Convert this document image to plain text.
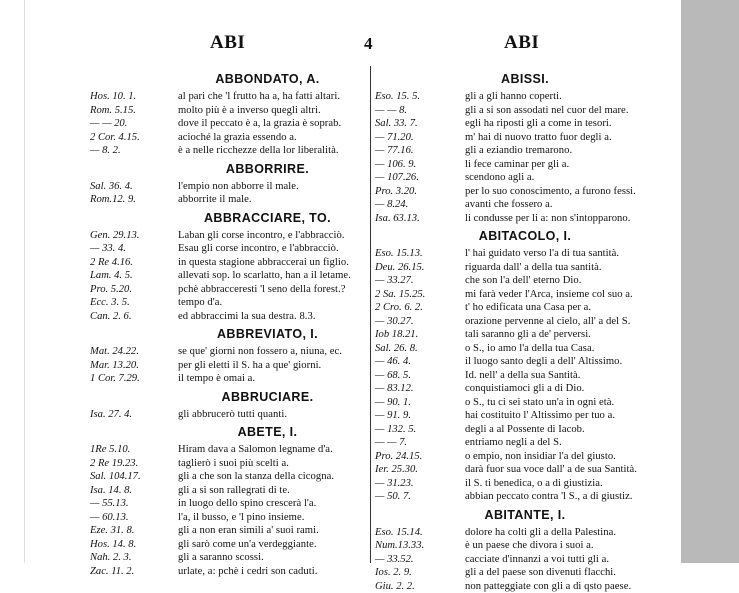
ABI	4	ABI
ABBONDATO, A.
Hos. 10. 1.	al pari che 'l frutto ha a, ha fatti altari.
Rom. 5.15.	molto più è a inverso quegli altri.
— — 20.	dove il peccato è a, la grazia è soprab.
2 Cor. 4.15.	acioché la grazia essendo a.
— 8. 2.	è a nelle ricchezze della lor liberalità.
ABBORRIRE.
Sal. 36. 4.	l'empio non abborre il male.
Rom.12. 9.	abborrite il male.
ABBRACCIARE, TO.
Gen. 29.13.	Laban gli corse incontro, e l'abbracciò.
— 33. 4.	Esau gli corse incontro, e l'abbracciò.
2 Re 4.16.	in questa stagione abbraccerai un figlio.
Lam. 4. 5.	allevati sop. lo scarlatto, han a il letame.
Pro. 5.20.	pchè abbracceresti 'l seno della forest.?
Ecc. 3. 5.	tempo d'a.
Can. 2. 6.	ed abbraccimi la sua destra. 8.3.
ABBREVIATO, I.
Mat. 24.22.	se que' giorni non fossero a, niuna, ec.
Mar. 13.20.	per gli eletti il S. ha a que' giorni.
1 Cor. 7.29.	il tempo è omai a.
ABBRUCIARE.
Isa. 27. 4.	gli abbrucerò tutti quanti.
ABETE, I.
1Re 5.10.	Hiram dava a Salomon legname d'a.
2 Re 19.23.	taglierò i suoi più scelti a.
Sal. 104.17.	gli a che son la stanza della cicogna.
Isa. 14. 8.	gli a si son rallegrati di te.
— 55.13.	in luogo dello spino crescerà l'a.
— 60.13.	l'a, il busso, e 'l pino insieme.
Eze. 31. 8.	gli a non eran simili a' suoi rami.
Hos. 14. 8.	gli sarò come un'a verdeggiante.
Nah. 2. 3.	gli a saranno scossi.
Zac. 11. 2.	urlate, a: pchè i cedri son caduti.
ABISSI.
Eso. 15. 5.	gli a gli hanno coperti.
— — 8.	gli a si son assodati nel cuor del mare.
Sal. 33. 7.	egli ha riposti gli a come in tesori.
— 71.20.	m' hai di nuovo tratto fuor degli a.
— 77.16.	gli a eziandio tremarono.
— 106. 9.	li fece caminar per gli a.
— 107.26.	scendono agli a.
Pro. 3.20.	per lo suo conoscimento, a furono fessi.
— 8.24.	avanti che fossero a.
Isa. 63.13.	li condusse per li a: non s'intopparono.
ABITACOLO, I.
Eso. 15.13.	l' hai guidato verso l'a di tua santità.
Deu. 26.15.	riguarda dall' a della tua santità.
— 33.27.	che son l'a dell' eterno Dio.
2 Sa. 15.25.	mi farà veder l'Arca, insieme col suo a.
2 Cro. 6. 2.	t' ho edificata una Casa per a.
— 30.27.	orazione pervenne al cielo, all' a del S.
Iob 18.21.	tali saranno gli a de' perversi.
Sal. 26. 8.	o S., io amo l'a della tua Casa.
— 46. 4.	il luogo santo degli a dell' Altissimo.
— 68. 5.	Id. nell' a della sua Santità.
— 83.12.	conquistiamoci gli a di Dio.
— 90. 1.	o S., tu ci sei stato un'a in ogni età.
— 91. 9.	hai costituito l' Altissimo per tuo a.
— 132. 5.	degli a al Possente di Iacob.
— — 7.	entriamo negli a del S.
Pro. 24.15.	o empio, non insidiar l'a del giusto.
Ier. 25.30.	darà fuor sua voce dall' a de sua Santità.
— 31.23.	il S. ti benedica, o a di giustizia.
— 50. 7.	abbian peccato contra 'l S., a di giustiz.
ABITANTE, I.
Eso. 15.14.	dolore ha colti gli a della Palestina.
Num.13.33.	è un paese che divora i suoi a.
— 33.52.	cacciate d'innanzi a voi tutti gli a.
Ios. 2. 9.	gli a del paese son divenuti flacchi.
Giu. 2. 2.	non patteggiate con gli a di qsto paese.
